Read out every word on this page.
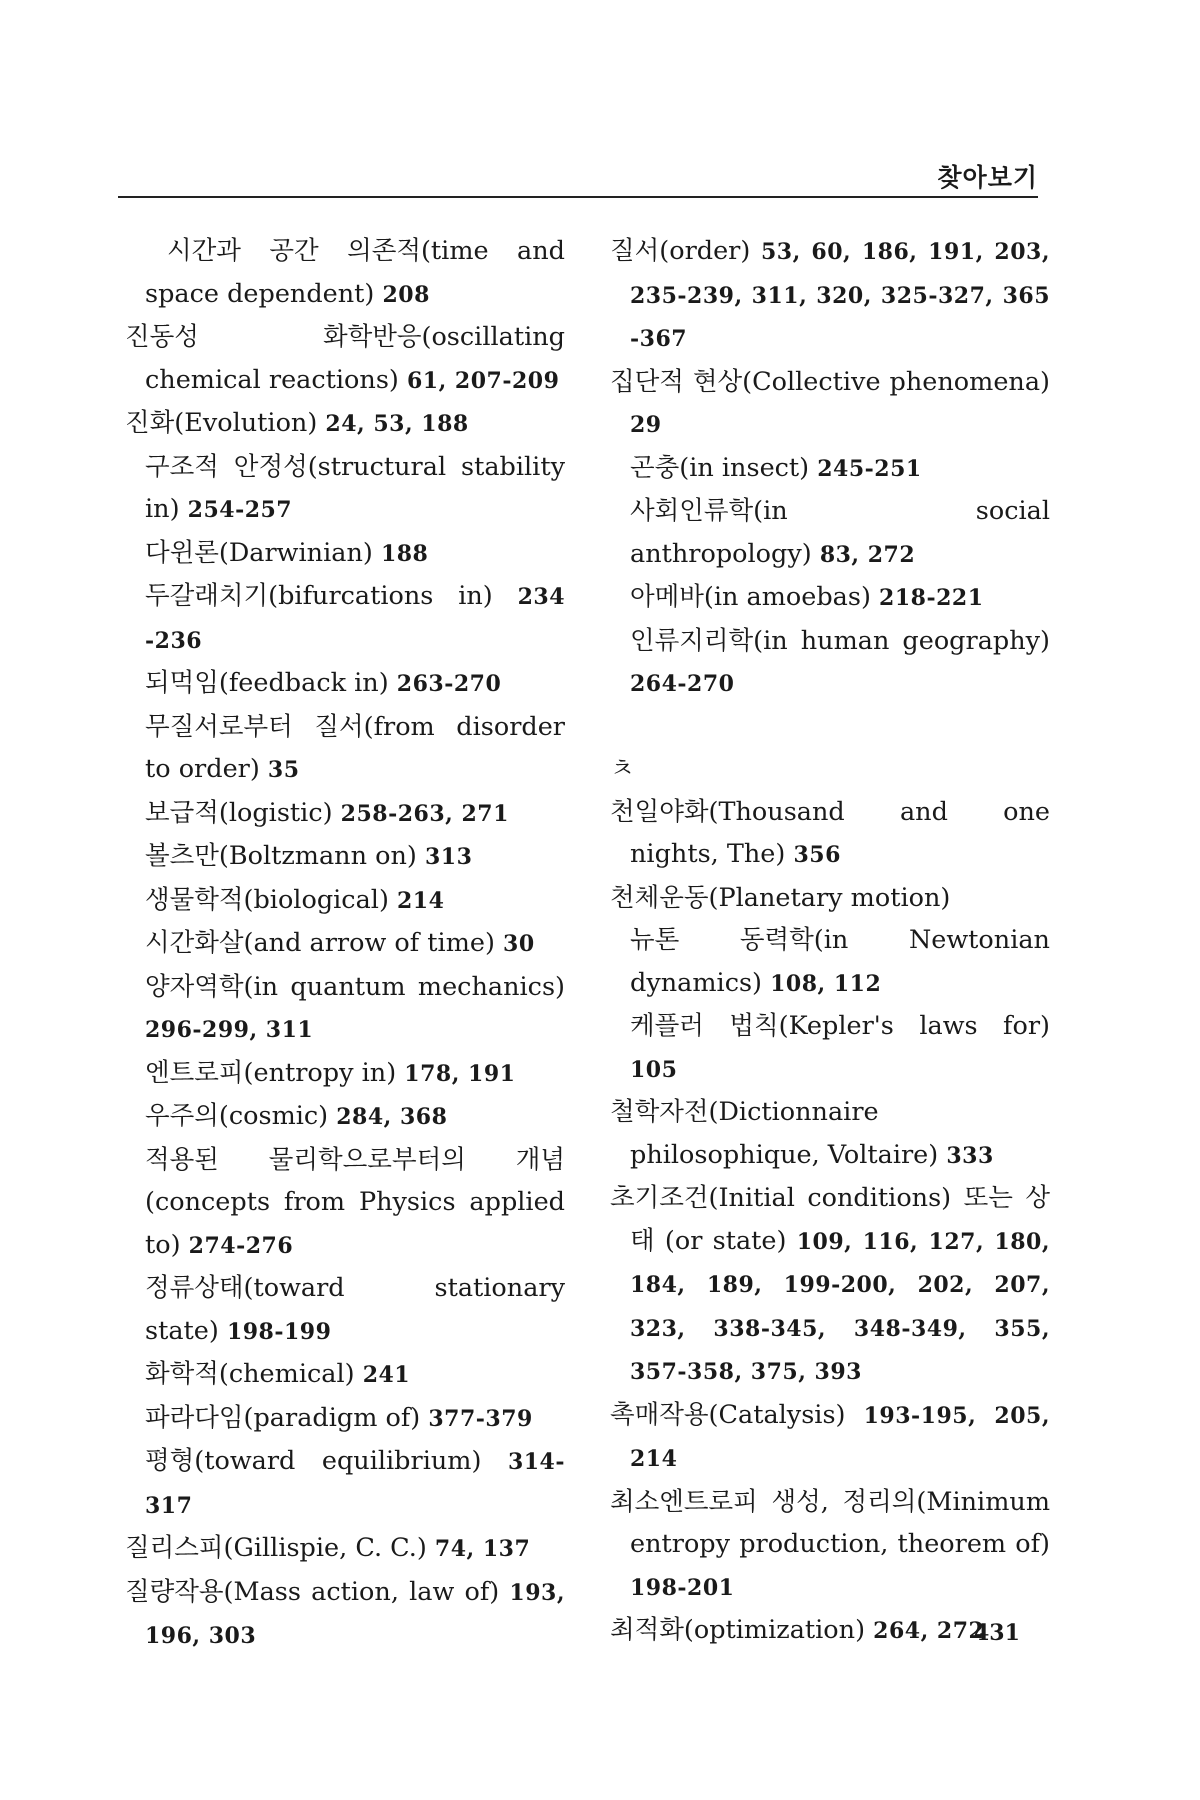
찾아보기
시간과 공간 의존적(time and space dependent) 208
진동성 화학반응(oscillating chemical reactions) 61, 207-209
진화(Evolution) 24, 53, 188
구조적 안정성(structural stability in) 254-257
다윈론(Darwinian) 188
두갈래치기(bifurcations in) 234 -236
되먹임(feedback in) 263-270
무질서로부터 질서(from disorder to order) 35
보급적(logistic) 258-263, 271
볼츠만(Boltzmann on) 313
생물학적(biological) 214
시간화살(and arrow of time) 30
양자역학(in quantum mechanics) 296-299, 311
엔트로피(entropy in) 178, 191
우주의(cosmic) 284, 368
적용된 물리학으로부터의 개념(concepts from Physics applied to) 274-276
정류상태(toward stationary state) 198-199
화학적(chemical) 241
파라다임(paradigm of) 377-379
평형(toward equilibrium) 314-317
질리스피(Gillispie, C. C.) 74, 137
질량작용(Mass action, law of) 193, 196, 303
질서(order) 53, 60, 186, 191, 203, 235-239, 311, 320, 325-327, 365 -367
집단적 현상(Collective phenomena) 29
곤충(in insect) 245-251
사회인류학(in social anthropology) 83, 272
아메바(in amoebas) 218-221
인류지리학(in human geography) 264-270
ㅊ
천일야화(Thousand and one nights, The) 356
천체운동(Planetary motion)
뉴톤 동력학(in Newtonian dynamics) 108, 112
케플러 법칙(Kepler's laws for) 105
철학자전(Dictionnaire philosophique, Voltaire) 333
초기조건(Initial conditions) 또는 상태 (or state) 109, 116, 127, 180, 184, 189, 199-200, 202, 207, 323, 338-345, 348-349, 355, 357-358, 375, 393
촉매작용(Catalysis) 193-195, 205, 214
최소엔트로피 생성, 정리의(Minimum entropy production, theorem of) 198-201
최적화(optimization) 264, 272
431
